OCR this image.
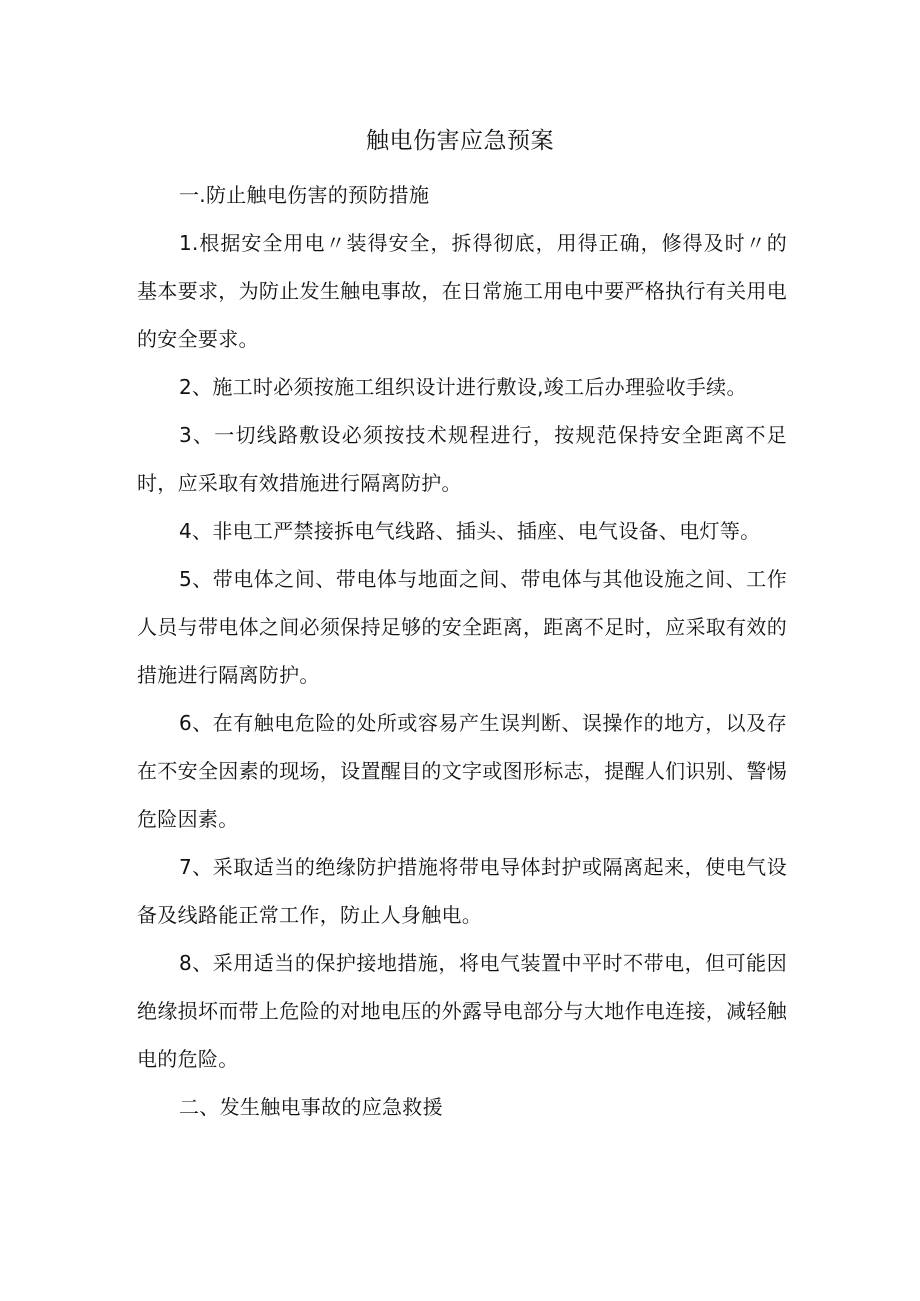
触电伤害应急预案

一.防止触电伤害的预防措施

1.根据安全用电〃装得安全，拆得彻底，用得正确，修得及时〃的基本要求，为防止发生触电事故，在日常施工用电中要严格执行有关用电的安全要求。

2、施工时必须按施工组织设计进行敷设,竣工后办理验收手续。

3、一切线路敷设必须按技术规程进行，按规范保持安全距离不足时，应采取有效措施进行隔离防护。

4、非电工严禁接拆电气线路、插头、插座、电气设备、电灯等。

5、带电体之间、带电体与地面之间、带电体与其他设施之间、工作人员与带电体之间必须保持足够的安全距离，距离不足时，应采取有效的措施进行隔离防护。

6、在有触电危险的处所或容易产生误判断、误操作的地方，以及存在不安全因素的现场，设置醒目的文字或图形标志，提醒人们识别、警惕危险因素。

7、采取适当的绝缘防护措施将带电导体封护或隔离起来，使电气设备及线路能正常工作，防止人身触电。

8、采用适当的保护接地措施，将电气装置中平时不带电，但可能因绝缘损坏而带上危险的对地电压的外露导电部分与大地作电连接，减轻触电的危险。

二、发生触电事故的应急救援
